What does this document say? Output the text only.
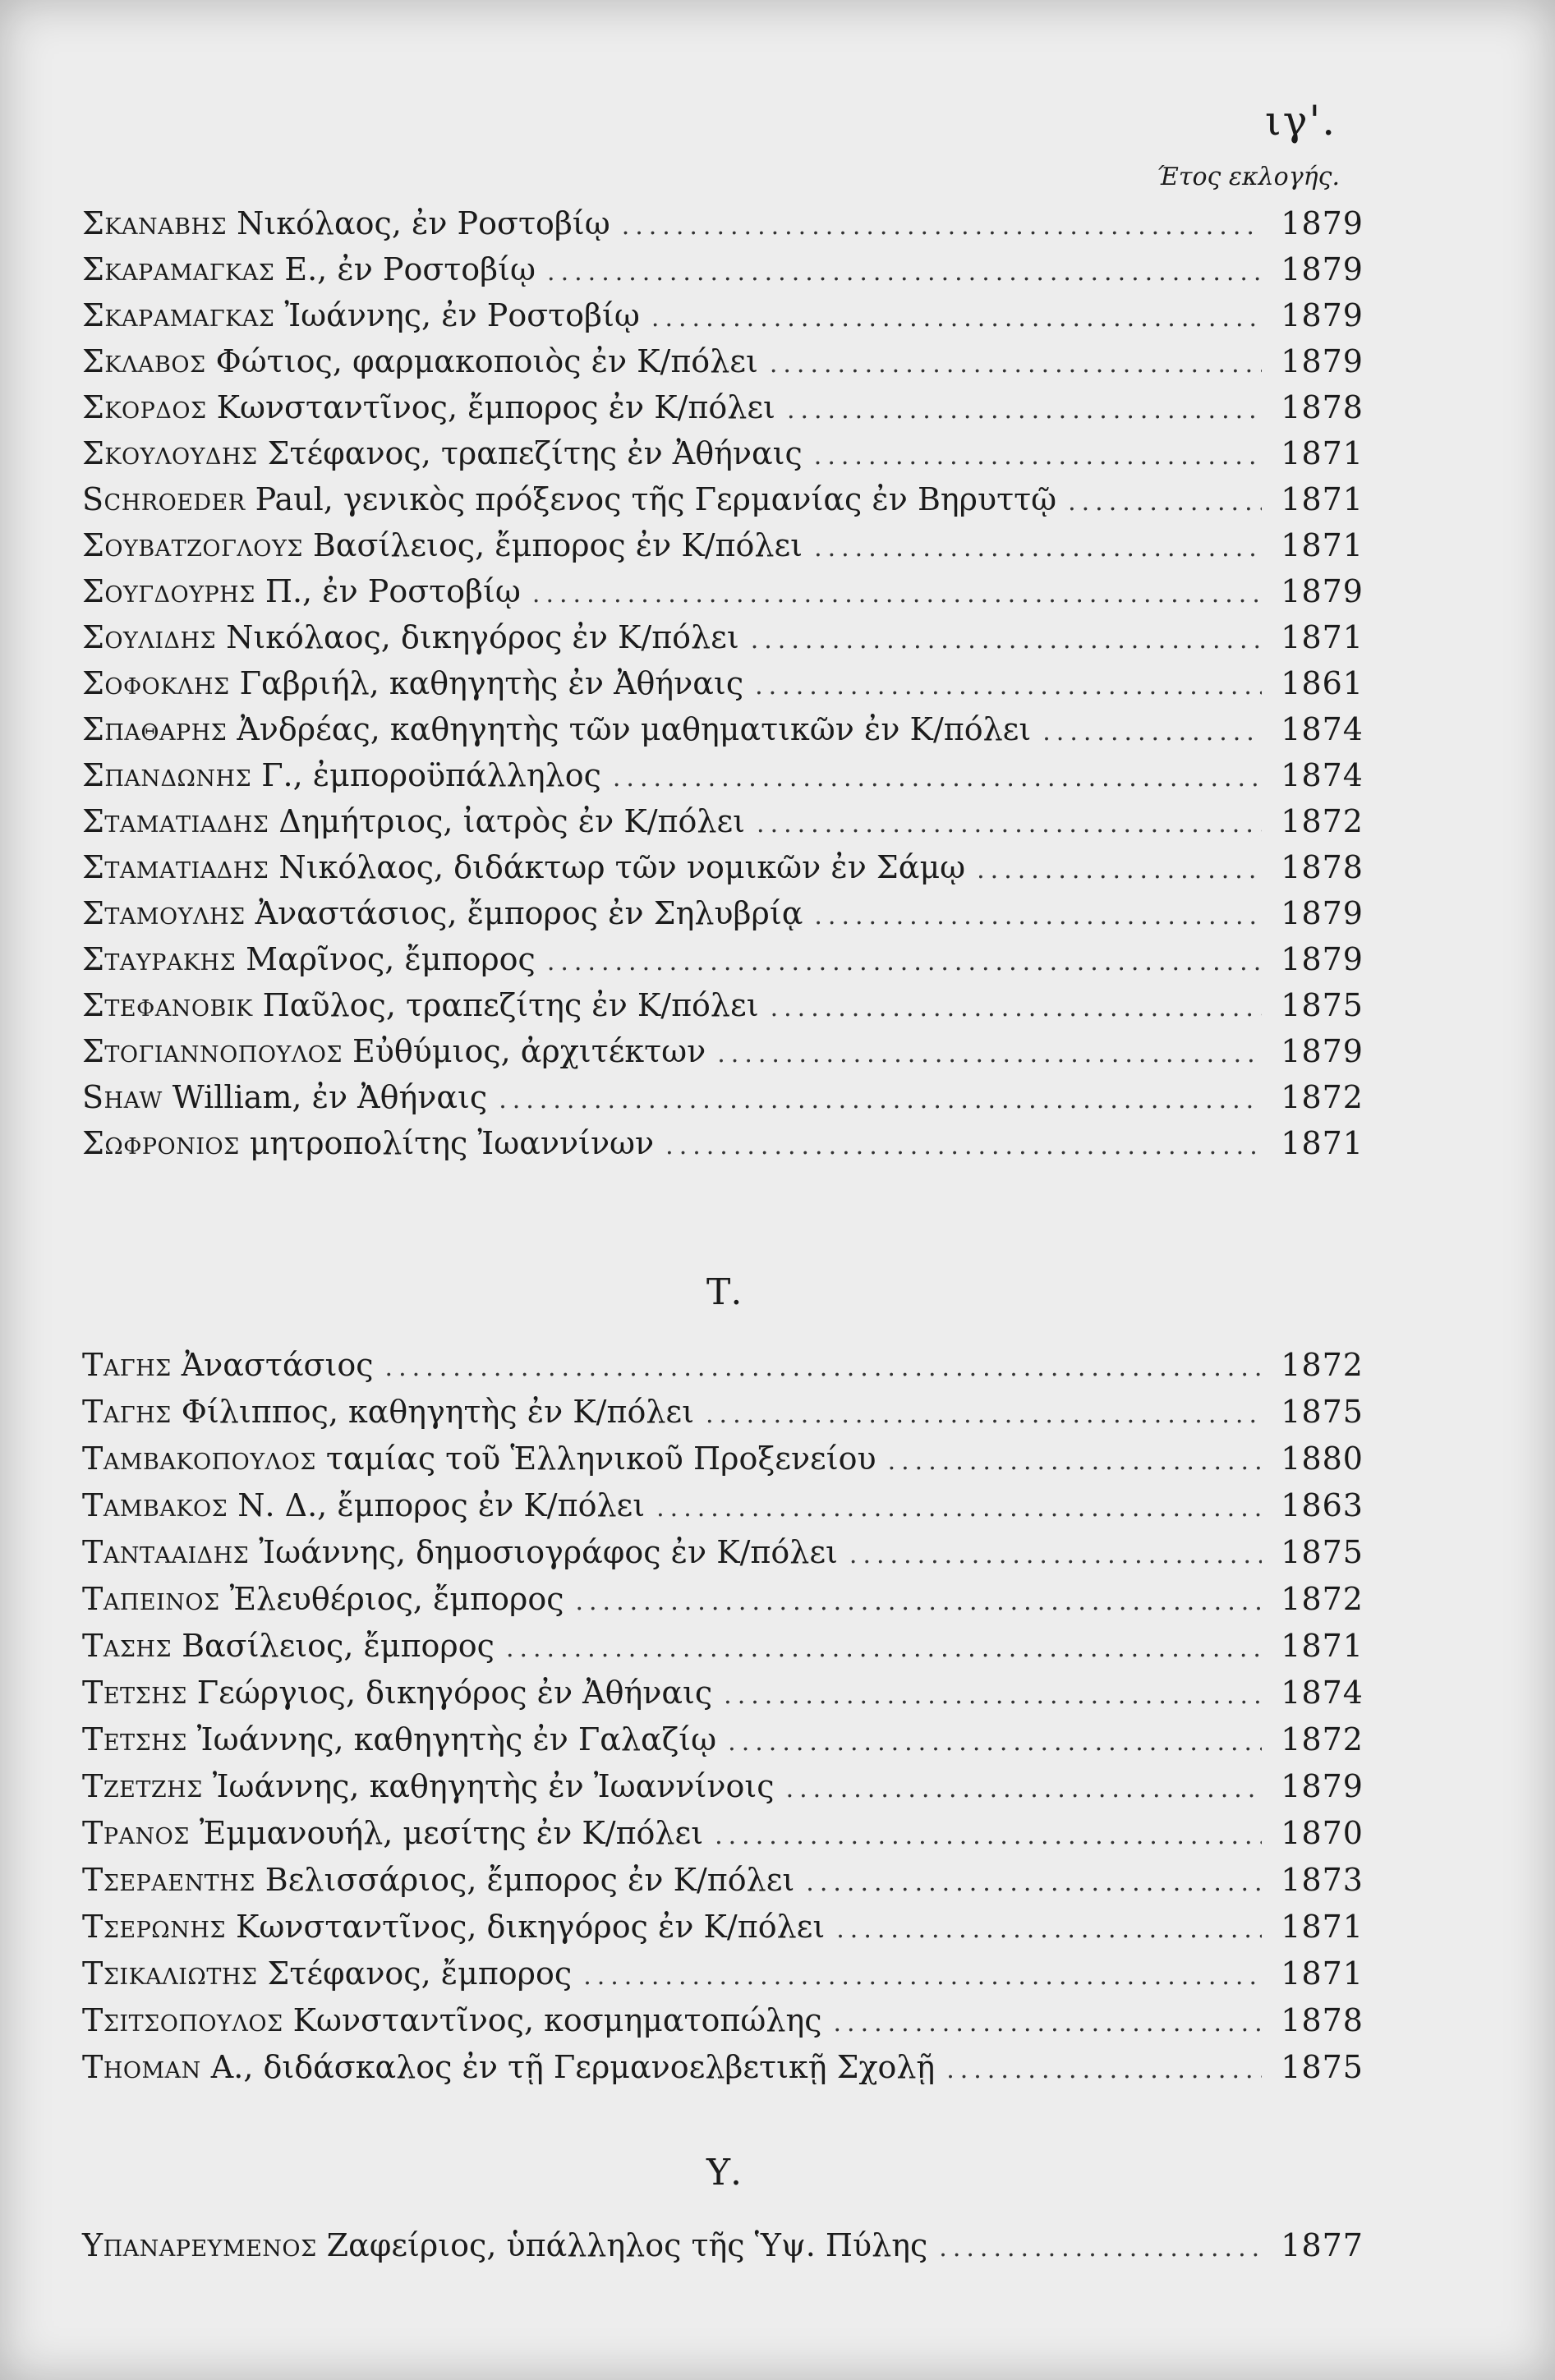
ιγ'.
Έτος εκλογής.
Σκαναβης Νικόλαος, ἐν Ροστοβίῳ .....	1879
Σκαραμαγκας Ε., ἐν Ροστοβίῳ .....	1879
Σκαραμαγκας Ἰωάννης, ἐν Ροστοβίῳ .....	1879
Σκλαβος Φώτιος, φαρμακοποιὸς ἐν Κ/πόλει .....	1879
Σκορδος Κωνσταντῖνος, ἔμπορος ἐν Κ/πόλει .....	1878
Σκουλουδης Στέφανος, τραπεζίτης ἐν Ἀθήναις .....	1871
Schroeder Paul, γενικὸς πρόξενος τῆς Γερμανίας ἐν Βηρυττῷ .....	1871
Σουβατζογλους Βασίλειος, ἔμπορος ἐν Κ/πόλει .....	1871
Σουγδουρης Π., ἐν Ροστοβίῳ .....	1879
Σουλιδης Νικόλαος, δικηγόρος ἐν Κ/πόλει .....	1871
Σοφοκλης Γαβριήλ, καθηγητὴς ἐν Ἀθήναις .....	1861
Σπαθαρης Ἀνδρέας, καθηγητὴς τῶν μαθηματικῶν ἐν Κ/πόλει .....	1874
Σπανδωνης Γ., ἐμποροϋπάλληλος .....	1874
Σταματιαδης Δημήτριος, ἰατρὸς ἐν Κ/πόλει .....	1872
Σταματιαδης Νικόλαος, διδάκτωρ τῶν νομικῶν ἐν Σάμῳ .....	1878
Σταμουλης Ἀναστάσιος, ἔμπορος ἐν Σηλυβρίᾳ .....	1879
Σταυρακης Μαρῖνος, ἔμπορος .....	1879
Στεφανοβικ Παῦλος, τραπεζίτης ἐν Κ/πόλει .....	1875
Στογιαννοπουλος Εὐθύμιος, ἀρχιτέκτων .....	1879
Shaw William, ἐν Ἀθήναις .....	1872
Σωφρονιος μητροπολίτης Ἰωαννίνων .....	1871
Τ.
Ταγης Ἀναστάσιος .....	1872
Ταγης Φίλιππος, καθηγητὴς ἐν Κ/πόλει .....	1875
Ταμβακοπουλος ταμίας τοῦ Ἑλληνικοῦ Προξενείου .....	1880
Ταμβακος Ν. Δ., ἔμπορος ἐν Κ/πόλει .....	1863
Ταντααιδης Ἰωάννης, δημοσιογράφος ἐν Κ/πόλει .....	1875
Ταπεινος Ἐλευθέριος, ἔμπορος .....	1872
Τασης Βασίλειος, ἔμπορος .....	1871
Τετσης Γεώργιος, δικηγόρος ἐν Ἀθήναις .....	1874
Τετσης Ἰωάννης, καθηγητὴς ἐν Γαλαζίῳ .....	1872
Τζετζης Ἰωάννης, καθηγητὴς ἐν Ἰωαννίνοις .....	1879
Τρανος Ἐμμανουήλ, μεσίτης ἐν Κ/πόλει .....	1870
Τσεραεντης Βελισσάριος, ἔμπορος ἐν Κ/πόλει .....	1873
Τσερωνης Κωνσταντῖνος, δικηγόρος ἐν Κ/πόλει .....	1871
Τσικαλιωτης Στέφανος, ἔμπορος .....	1871
Τσιτσοπουλος Κωνσταντῖνος, κοσμηματοπώλης .....	1878
Thoman Α., διδάσκαλος ἐν τῇ Γερμανοελβετικῇ Σχολῇ .....	1875
Υ.
Υπαναρευμενος Ζαφείριος, ὑπάλληλος τῆς Ὑψ. Πύλης .....	1877
